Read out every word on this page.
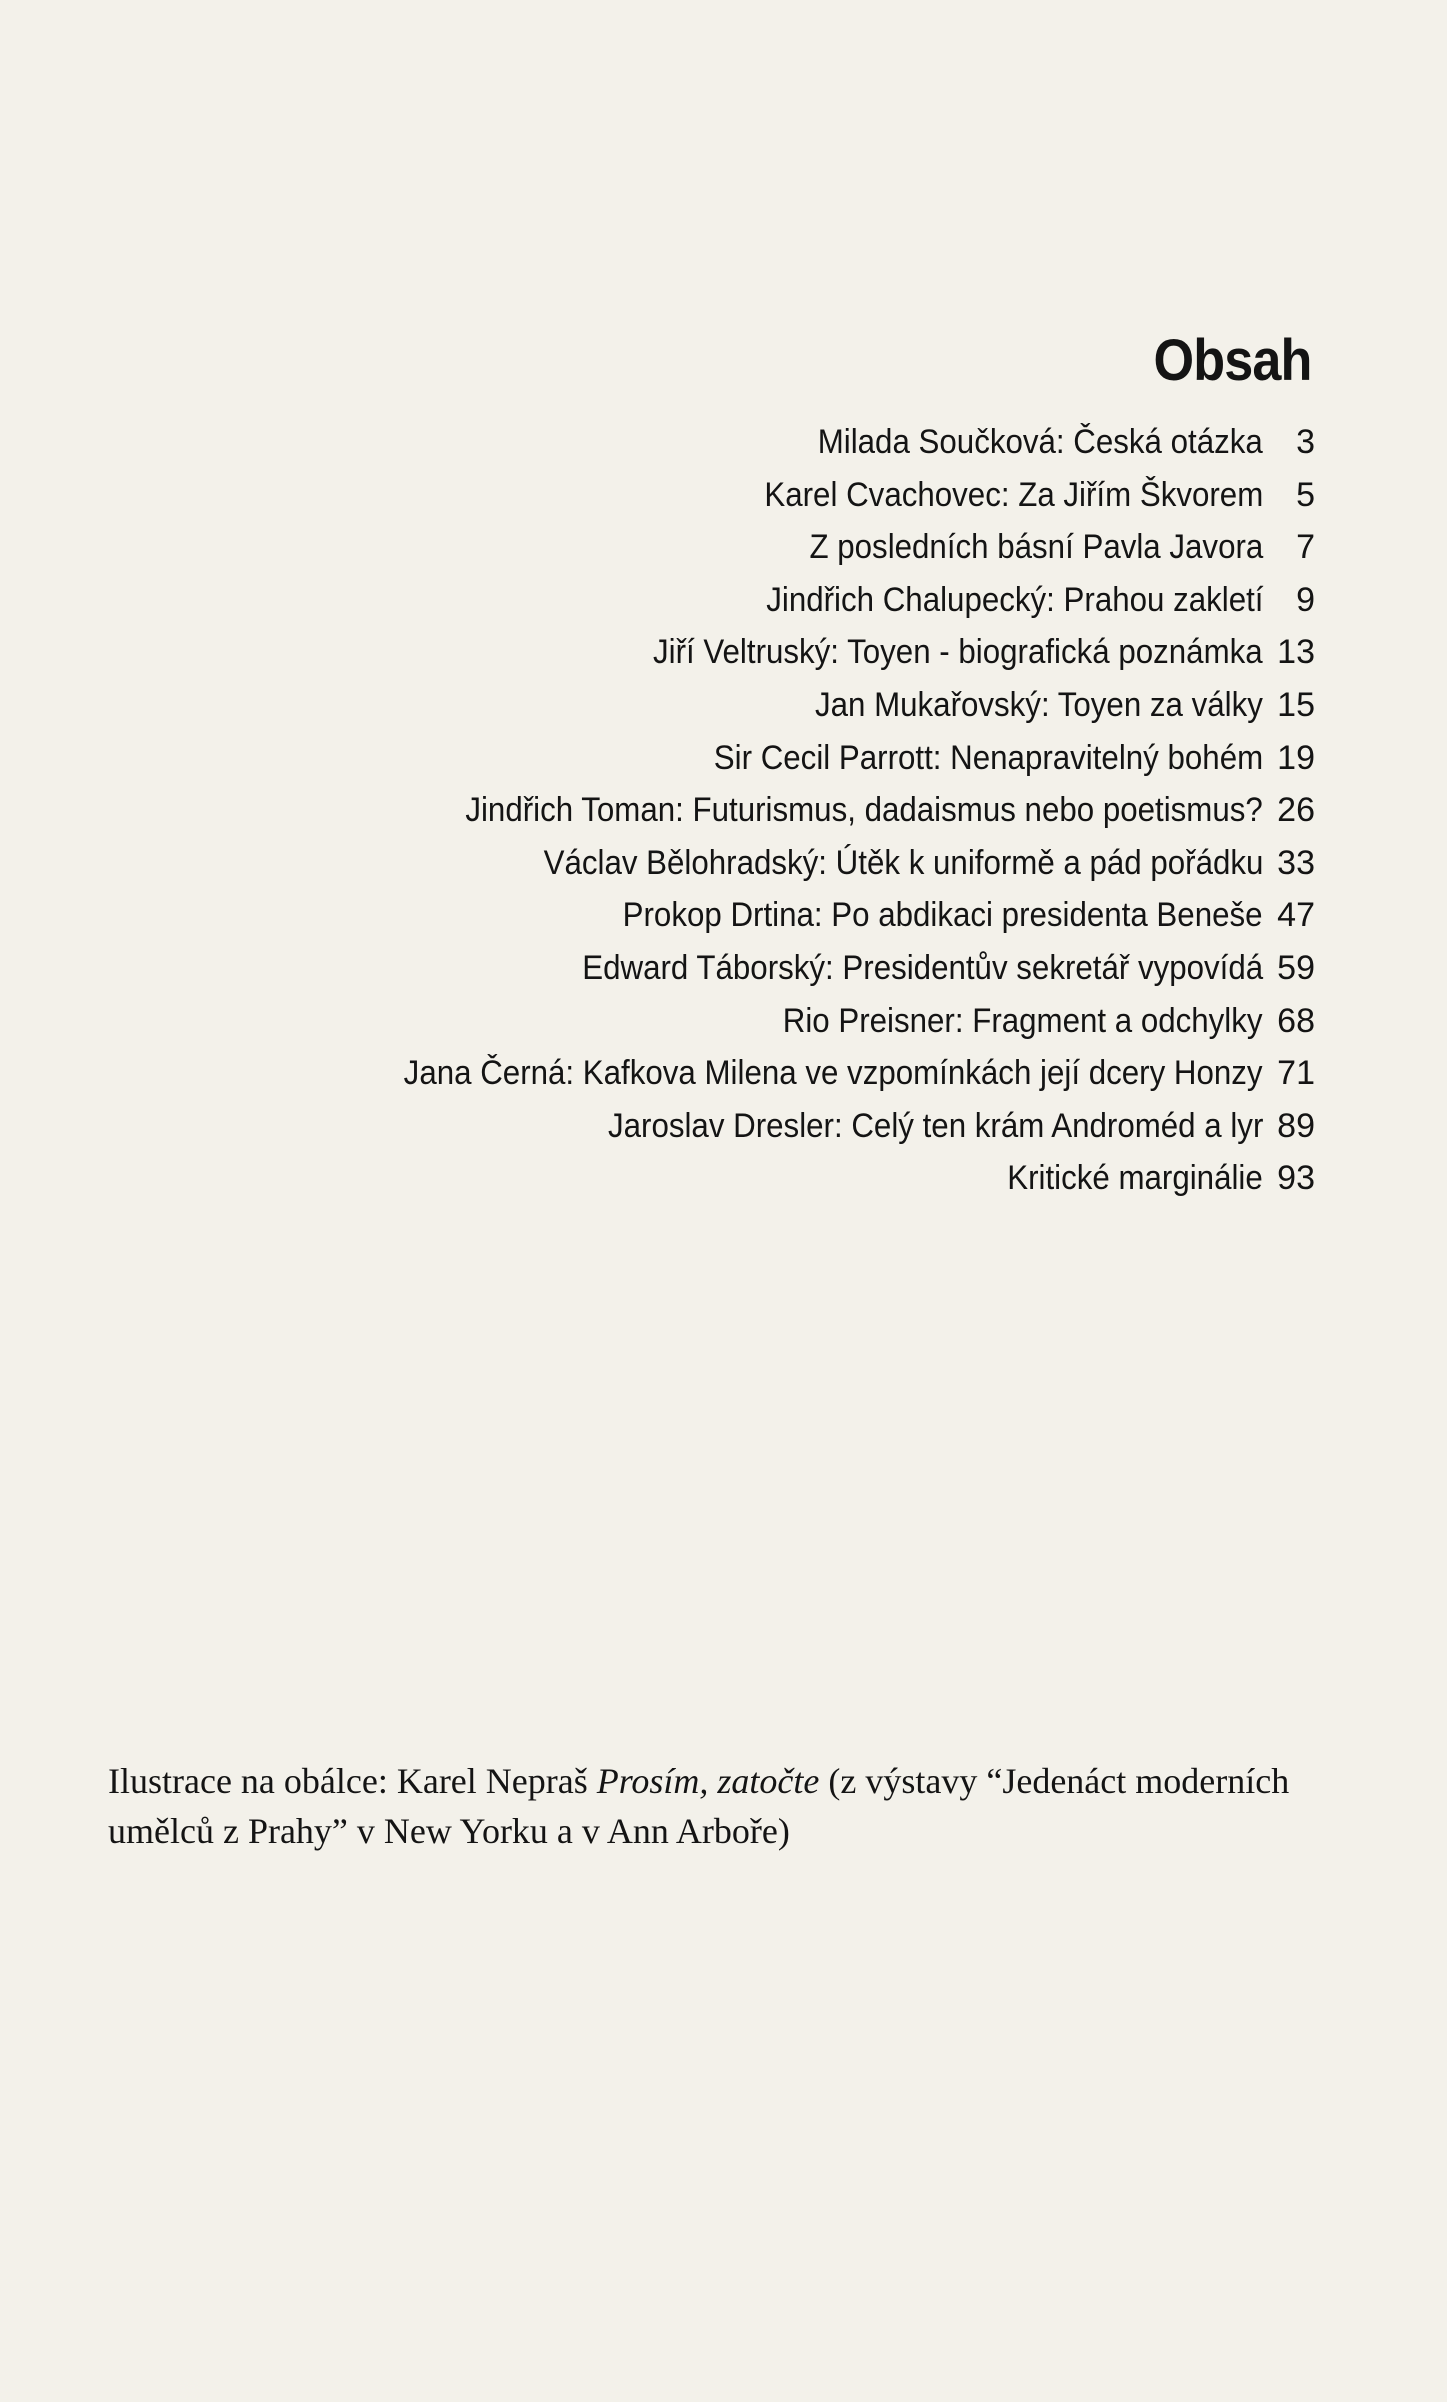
Obsah
Milada Součková: Česká otázka 3
Karel Cvachovec: Za Jiřím Škvorem 5
Z posledních básní Pavla Javora 7
Jindřich Chalupecký: Prahou zakletí 9
Jiří Veltruský: Toyen - biografická poznámka 13
Jan Mukařovský: Toyen za války 15
Sir Cecil Parrott: Nenapravitelný bohém 19
Jindřich Toman: Futurismus, dadaismus nebo poetismus? 26
Václav Bělohradský: Útěk k uniformě a pád pořádku 33
Prokop Drtina: Po abdikaci presidenta Beneše 47
Edward Táborský: Presidentův sekretář vypovídá 59
Rio Preisner: Fragment a odchylky 68
Jana Černá: Kafkova Milena ve vzpomínkách její dcery Honzy 71
Jaroslav Dresler: Celý ten krám Androméd a lyr 89
Kritické marginálie 93

Ilustrace na obálce: Karel Nepraš Prosím, zatočte (z výstavy “Jedenáct moderních umělců z Prahy” v New Yorku a v Ann Arboře)
